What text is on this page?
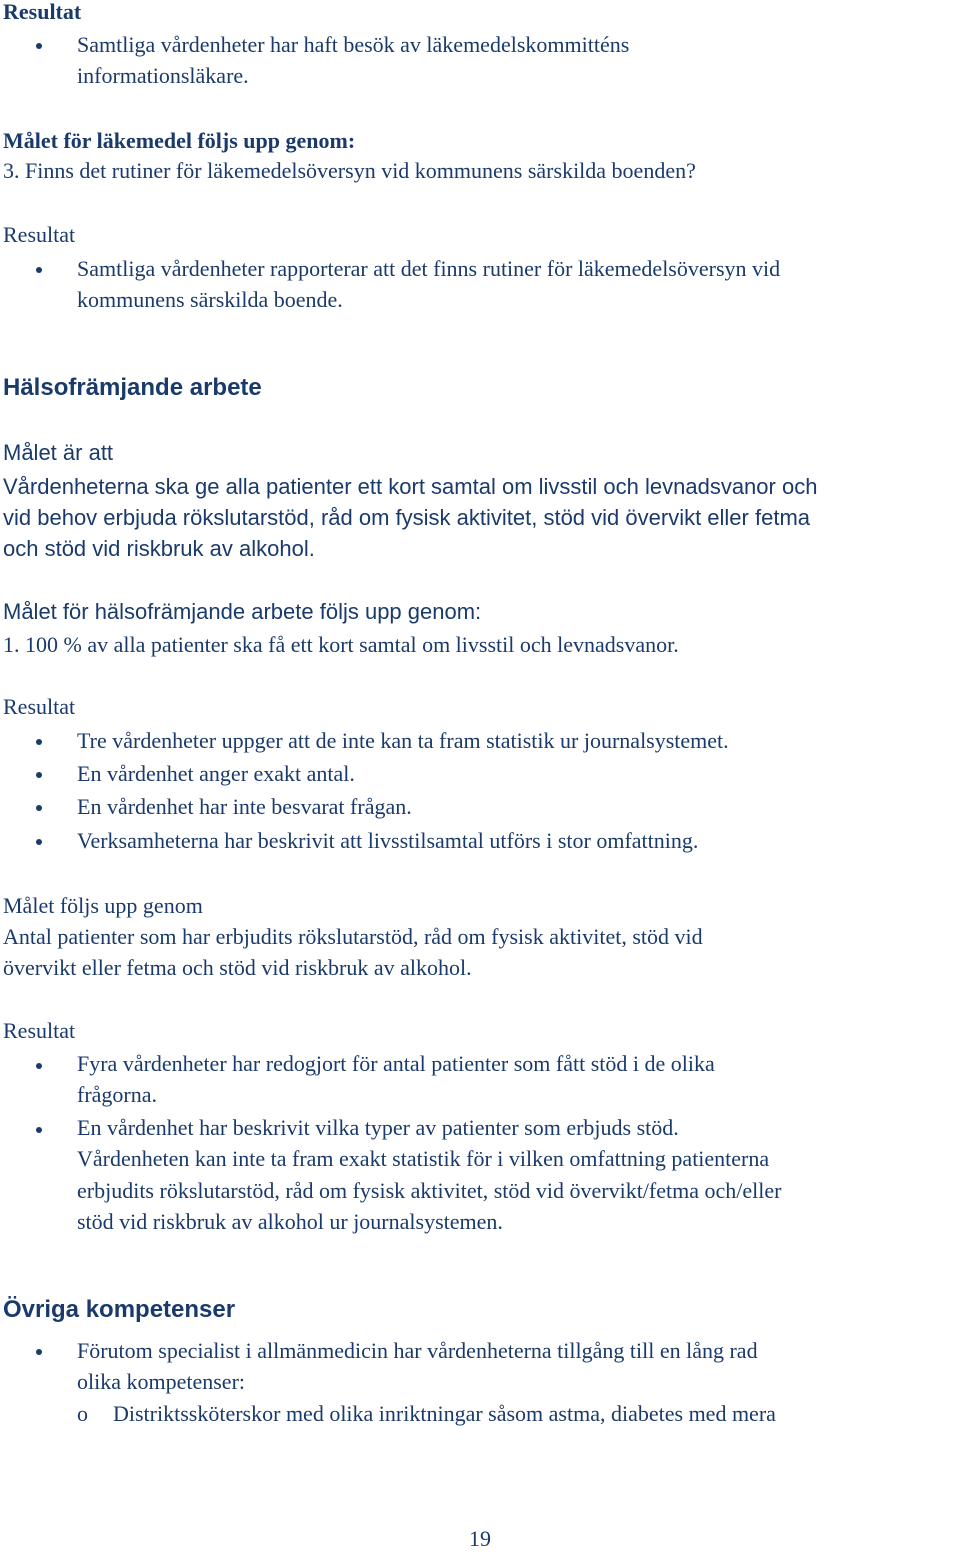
Resultat
Samtliga vårdenheter har haft besök av läkemedelskommitténs
informationsläkare.
Målet för läkemedel följs upp genom:
3. Finns det rutiner för läkemedelsöversyn vid kommunens särskilda boenden?
Resultat
Samtliga vårdenheter rapporterar att det finns rutiner för läkemedelsöversyn vid
kommunens särskilda boende.
Hälsofrämjande arbete
Målet är att
Vårdenheterna ska ge alla patienter ett kort samtal om livsstil och levnadsvanor och
vid behov erbjuda rökslutarstöd, råd om fysisk aktivitet, stöd vid övervikt eller fetma
och stöd vid riskbruk av alkohol.
Målet för hälsofrämjande arbete följs upp genom:
1. 100 % av alla patienter ska få ett kort samtal om livsstil och levnadsvanor.
Resultat
Tre vårdenheter uppger att de inte kan ta fram statistik ur journalsystemet.
En vårdenhet anger exakt antal.
En vårdenhet har inte besvarat frågan.
Verksamheterna har beskrivit att livsstilsamtal utförs i stor omfattning.
Målet följs upp genom
Antal patienter som har erbjudits rökslutarstöd, råd om fysisk aktivitet, stöd vid
övervikt eller fetma och stöd vid riskbruk av alkohol.
Resultat
Fyra vårdenheter har redogjort för antal patienter som fått stöd i de olika
frågorna.
En vårdenhet har beskrivit vilka typer av patienter som erbjuds stöd.
Vårdenheten kan inte ta fram exakt statistik för i vilken omfattning patienterna
erbjudits rökslutarstöd, råd om fysisk aktivitet, stöd vid övervikt/fetma och/eller
stöd vid riskbruk av alkohol ur journalsystemen.
Övriga kompetenser
Förutom specialist i allmänmedicin har vårdenheterna tillgång till en lång rad
olika kompetenser:
o Distriktssköterskor med olika inriktningar såsom astma, diabetes med mera
19
